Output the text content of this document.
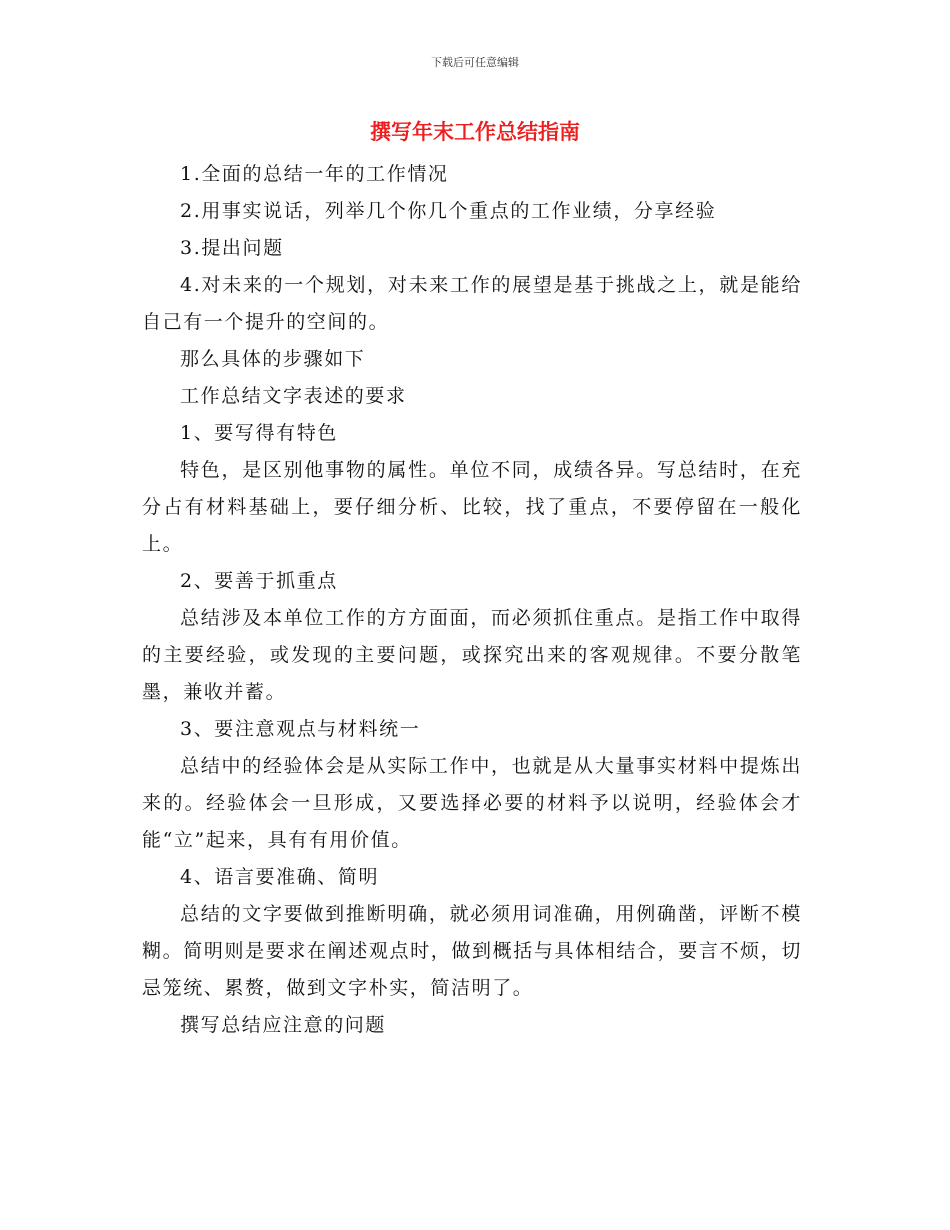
下载后可任意编辑
撰写年末工作总结指南

1.全面的总结一年的工作情况

2.用事实说话，列举几个你几个重点的工作业绩，分享经验

3.提出问题

4.对未来的一个规划，对未来工作的展望是基于挑战之上，就是能给自己有一个提升的空间的。

那么具体的步骤如下

工作总结文字表述的要求

1、要写得有特色

特色，是区别他事物的属性。单位不同，成绩各异。写总结时，在充分占有材料基础上，要仔细分析、比较，找了重点，不要停留在一般化上。

2、要善于抓重点

总结涉及本单位工作的方方面面，而必须抓住重点。是指工作中取得的主要经验，或发现的主要问题，或探究出来的客观规律。不要分散笔墨，兼收并蓄。

3、要注意观点与材料统一

总结中的经验体会是从实际工作中，也就是从大量事实材料中提炼出来的。经验体会一旦形成，又要选择必要的材料予以说明，经验体会才能“立”起来，具有有用价值。

4、语言要准确、简明

总结的文字要做到推断明确，就必须用词准确，用例确凿，评断不模糊。简明则是要求在阐述观点时，做到概括与具体相结合，要言不烦，切忌笼统、累赘，做到文字朴实，简洁明了。

撰写总结应注意的问题
